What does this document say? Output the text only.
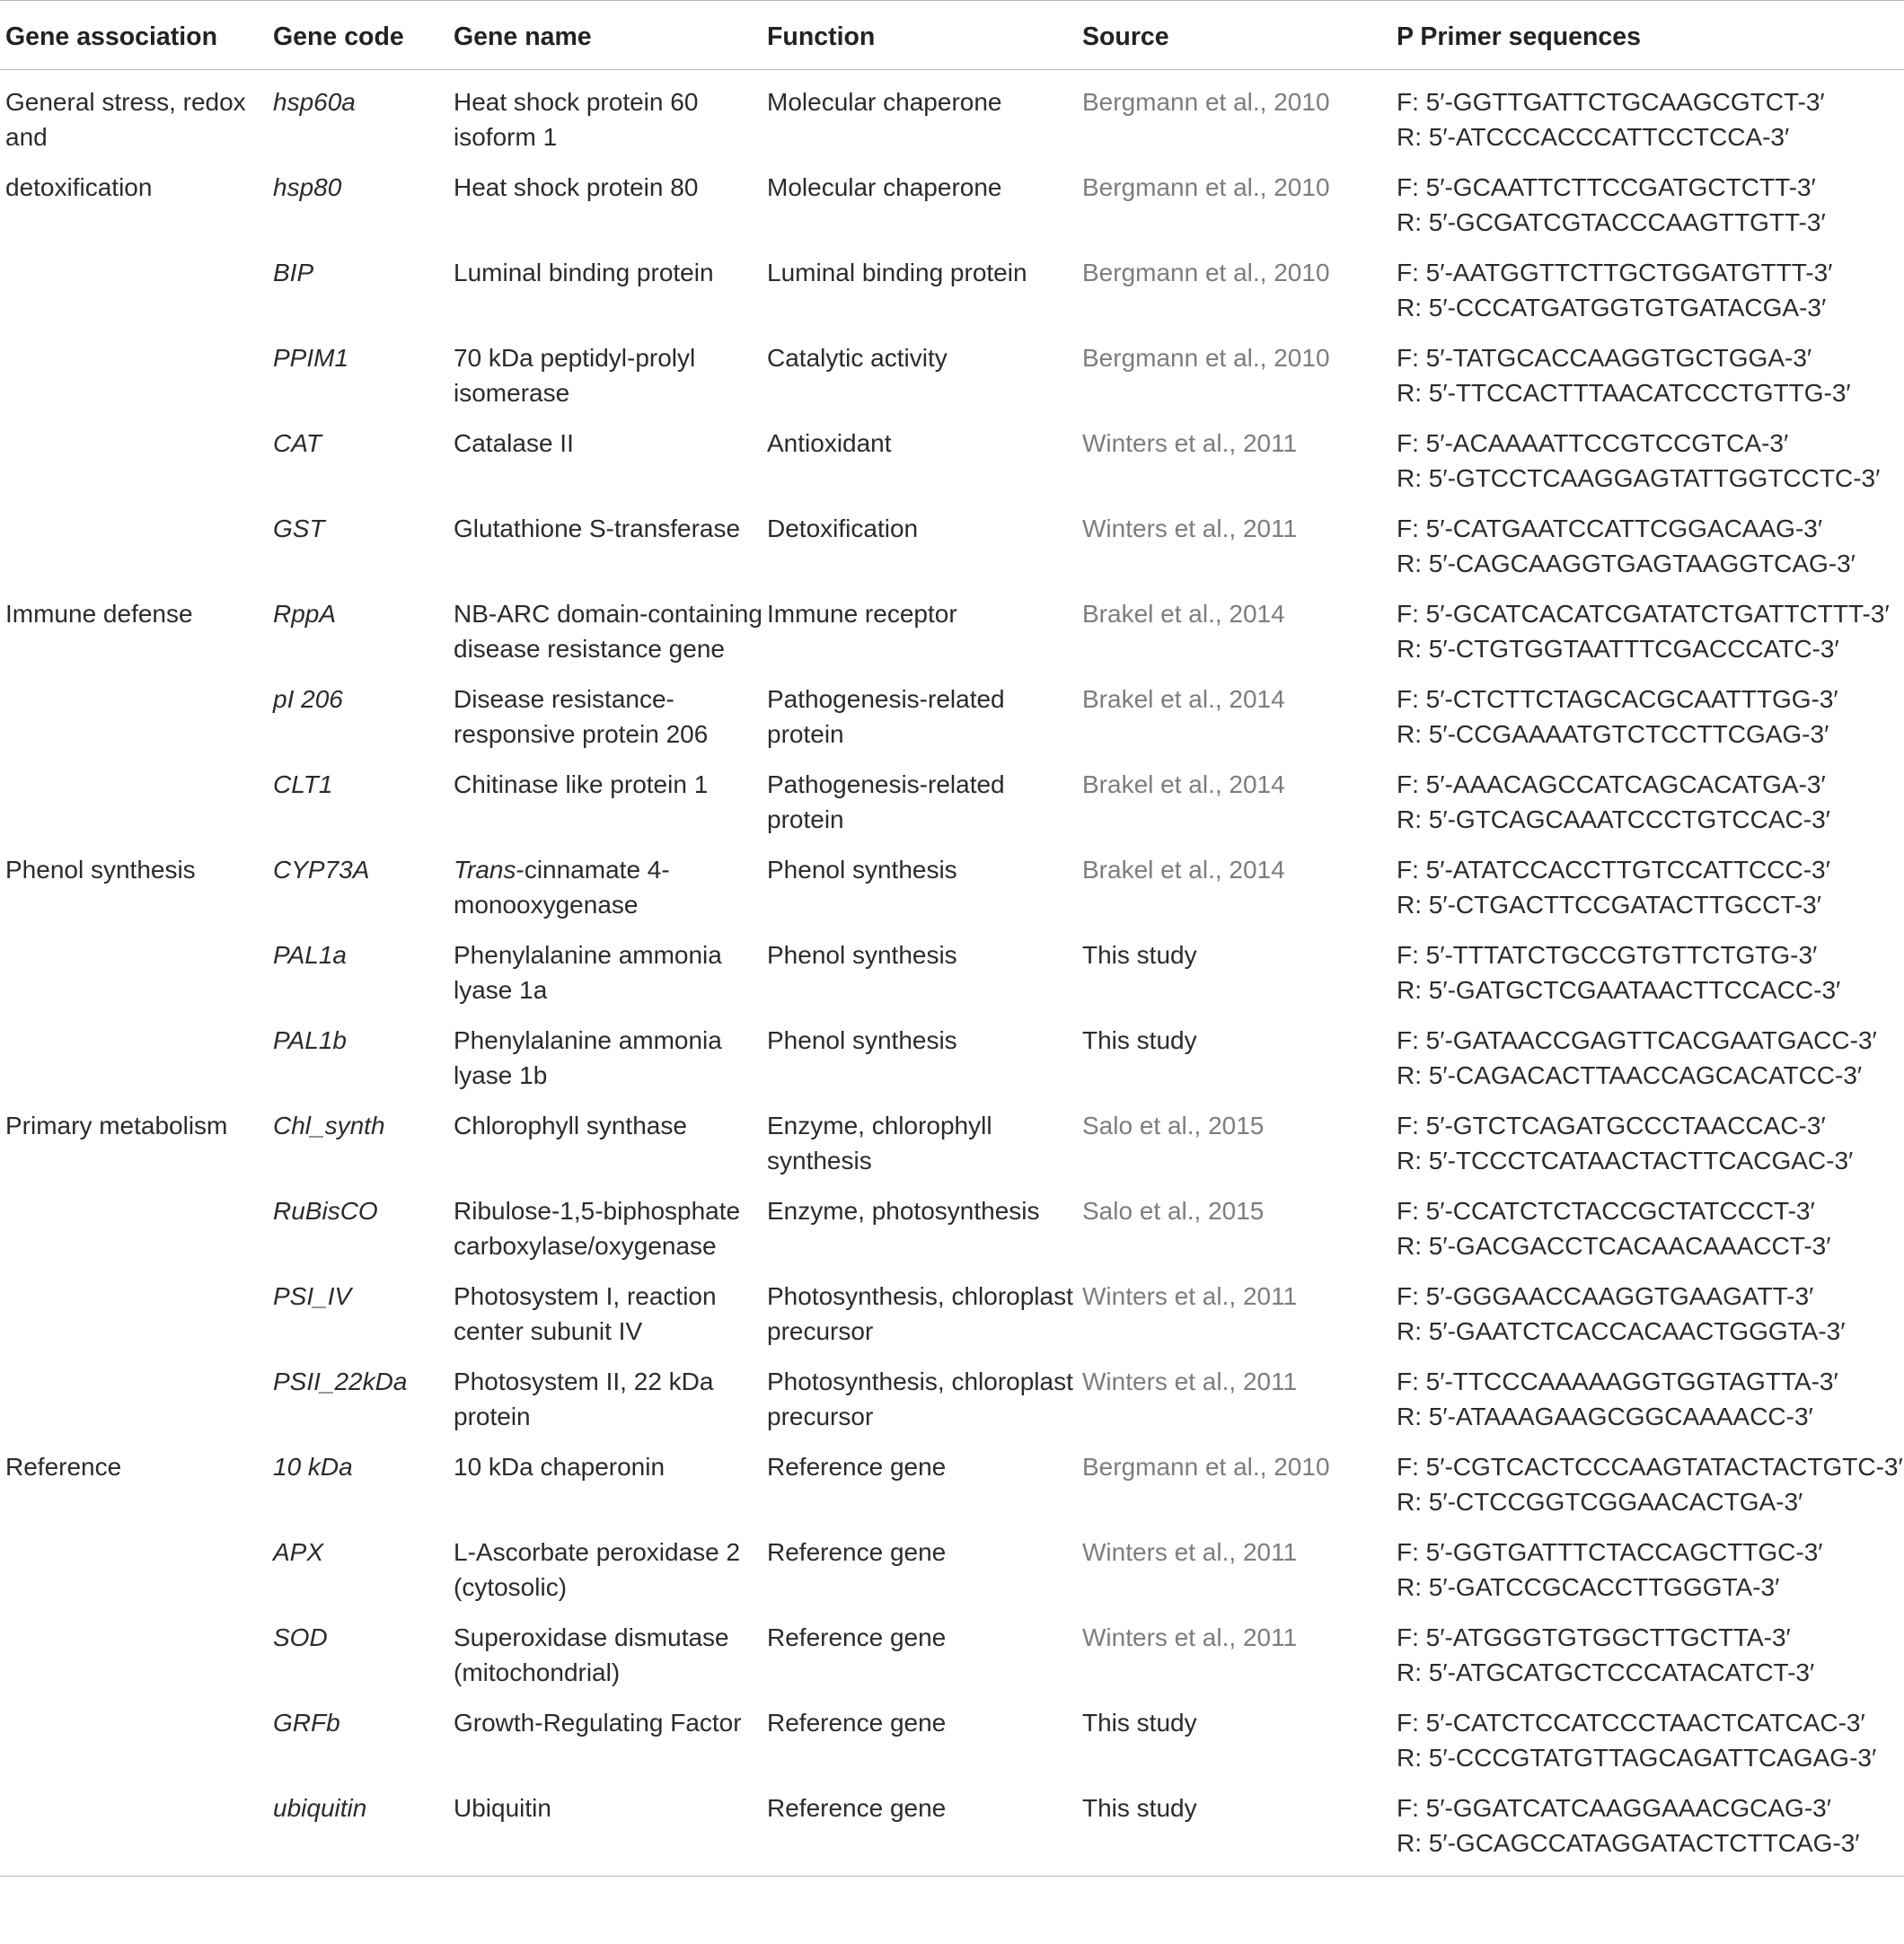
Gene association	Gene code	Gene name	Function	Source	P Primer sequences
General stress, redox and	hsp60a	Heat shock protein 60 isoform 1	Molecular chaperone	Bergmann et al., 2010	F: 5′-GGTTGATTCTGCAAGCGTCT-3′
R: 5′-ATCCCACCCATTCCTCCA-3′

detoxification	hsp80	Heat shock protein 80	Molecular chaperone	Bergmann et al., 2010	F: 5′-GCAATTCTTCCGATGCTCTT-3′
R: 5′-GCGATCGTACCCAAGTTGTT-3′

	BIP	Luminal binding protein	Luminal binding protein	Bergmann et al., 2010	F: 5′-AATGGTTCTTGCTGGATGTTT-3′
R: 5′-CCCATGATGGTGTGATACGA-3′

	PPIM1	70 kDa peptidyl-prolyl isomerase	Catalytic activity	Bergmann et al., 2010	F: 5′-TATGCACCAAGGTGCTGGA-3′
R: 5′-TTCCACTTTAACATCCCTGTTG-3′

	CAT	Catalase II	Antioxidant	Winters et al., 2011	F: 5′-ACAAAATTCCGTCCGTCA-3′
R: 5′-GTCCTCAAGGAGTATTGGTCCTC-3′

	GST	Glutathione S-transferase	Detoxification	Winters et al., 2011	F: 5′-CATGAATCCATTCGGACAAG-3′
R: 5′-CAGCAAGGTGAGTAAGGTCAG-3′

Immune defense	RppA	NB-ARC domain-containing disease resistance gene	Immune receptor	Brakel et al., 2014	F: 5′-GCATCACATCGATATCTGATTCTTT-3′
R: 5′-CTGTGGTAATTTCGACCCATC-3′

	pI 206	Disease resistance-responsive protein 206	Pathogenesis-related protein	Brakel et al., 2014	F: 5′-CTCTTCTAGCACGCAATTTGG-3′
R: 5′-CCGAAAATGTCTCCTTCGAG-3′

	CLT1	Chitinase like protein 1	Pathogenesis-related protein	Brakel et al., 2014	F: 5′-AAACAGCCATCAGCACATGA-3′
R: 5′-GTCAGCAAATCCCTGTCCAC-3′

Phenol synthesis	CYP73A	Trans-cinnamate 4-monooxygenase	Phenol synthesis	Brakel et al., 2014	F: 5′-ATATCCACCTTGTCCATTCCC-3′
R: 5′-CTGACTTCCGATACTTGCCT-3′

	PAL1a	Phenylalanine ammonia lyase 1a	Phenol synthesis	This study	F: 5′-TTTATCTGCCGTGTTCTGTG-3′
R: 5′-GATGCTCGAATAACTTCCACC-3′

	PAL1b	Phenylalanine ammonia lyase 1b	Phenol synthesis	This study	F: 5′-GATAACCGAGTTCACGAATGACC-3′
R: 5′-CAGACACTTAACCAGCACATCC-3′

Primary metabolism	Chl_synth	Chlorophyll synthase	Enzyme, chlorophyll synthesis	Salo et al., 2015	F: 5′-GTCTCAGATGCCCTAACCAC-3′
R: 5′-TCCCTCATAACTACTTCACGAC-3′

	RuBisCO	Ribulose-1,5-biphosphate carboxylase/oxygenase	Enzyme, photosynthesis	Salo et al., 2015	F: 5′-CCATCTCTACCGCTATCCCT-3′
R: 5′-GACGACCTCACAACAAACCT-3′

	PSI_IV	Photosystem I, reaction center subunit IV	Photosynthesis, chloroplast precursor	Winters et al., 2011	F: 5′-GGGAACCAAGGTGAAGATT-3′
R: 5′-GAATCTCACCACAACTGGGTA-3′

	PSII_22kDa	Photosystem II, 22 kDa protein	Photosynthesis, chloroplast precursor	Winters et al., 2011	F: 5′-TTCCCAAAAAGGTGGTAGTTA-3′
R: 5′-ATAAAGAAGCGGCAAAACC-3′

Reference	10 kDa	10 kDa chaperonin	Reference gene	Bergmann et al., 2010	F: 5′-CGTCACTCCCAAGTATACTACTGTC-3′
R: 5′-CTCCGGTCGGAACACTGA-3′

	APX	L-Ascorbate peroxidase 2 (cytosolic)	Reference gene	Winters et al., 2011	F: 5′-GGTGATTTCTACCAGCTTGC-3′
R: 5′-GATCCGCACCTTGGGTA-3′

	SOD	Superoxidase dismutase (mitochondrial)	Reference gene	Winters et al., 2011	F: 5′-ATGGGTGTGGCTTGCTTA-3′
R: 5′-ATGCATGCTCCCATACATCT-3′

	GRFb	Growth-Regulating Factor	Reference gene	This study	F: 5′-CATCTCCATCCCTAACTCATCAC-3′
R: 5′-CCCGTATGTTAGCAGATTCAGAG-3′

	ubiquitin	Ubiquitin	Reference gene	This study	F: 5′-GGATCATCAAGGAAACGCAG-3′
R: 5′-GCAGCCATAGGATACTCTTCAG-3′
